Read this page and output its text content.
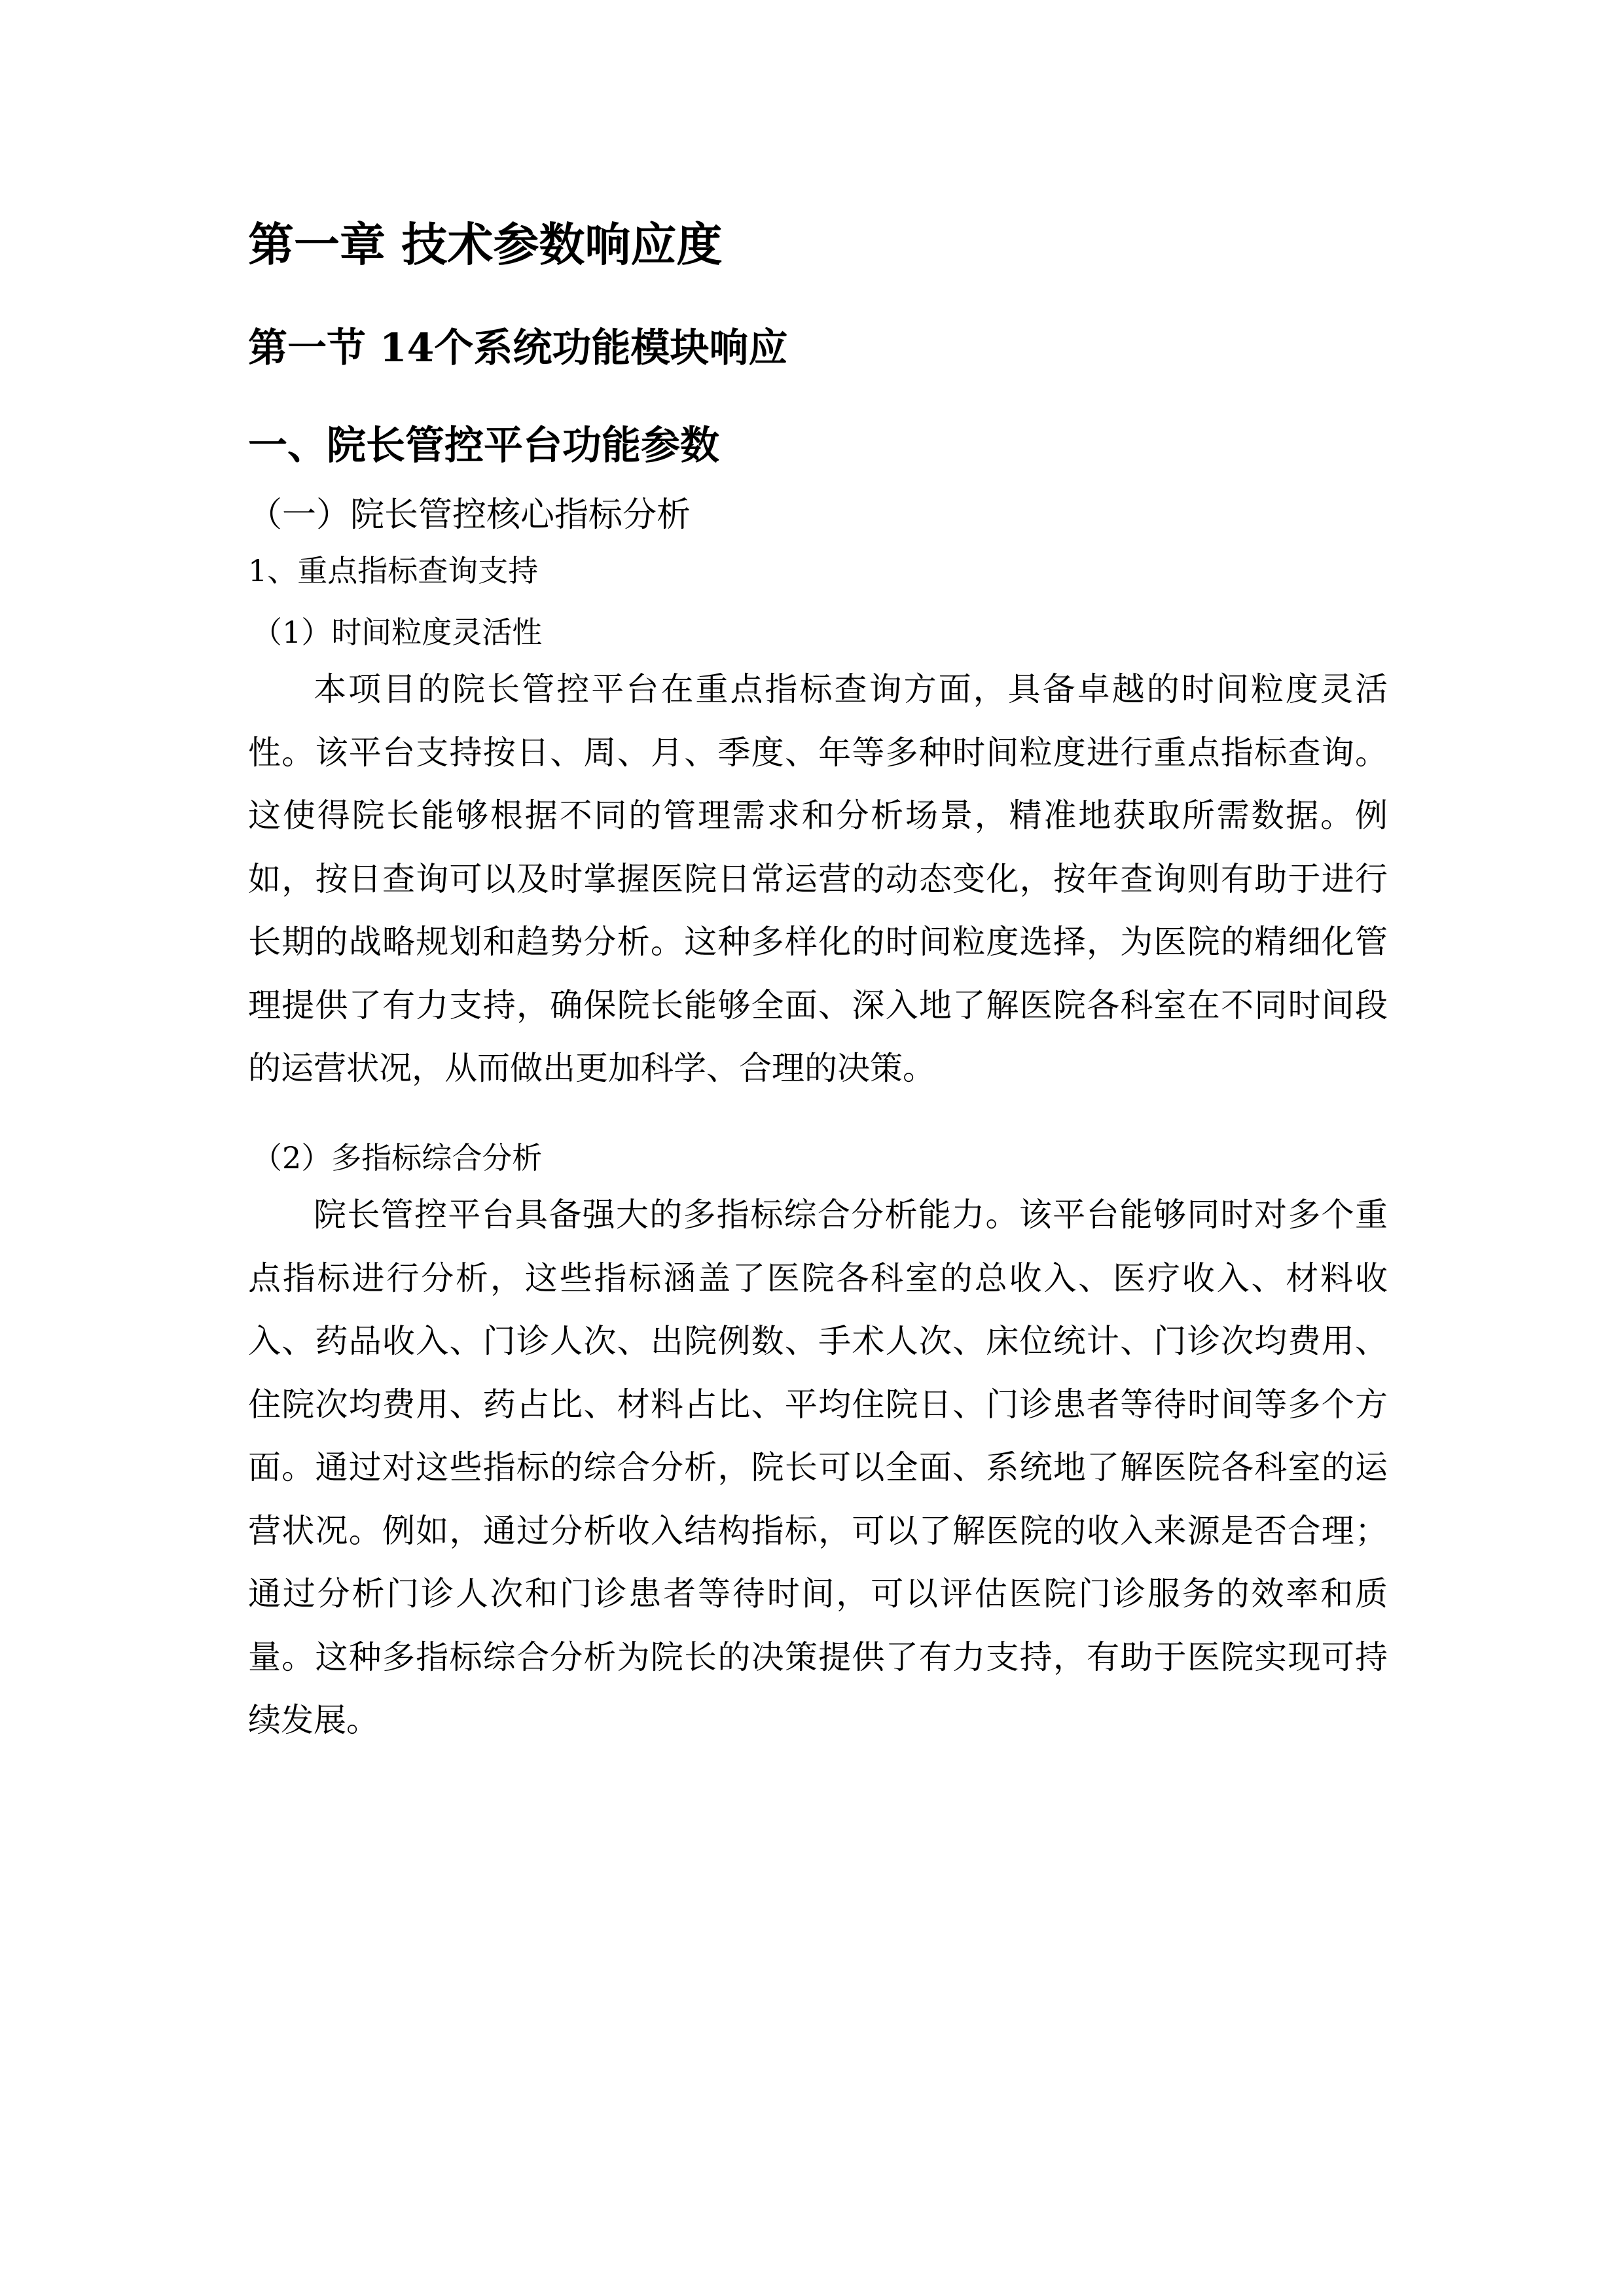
第一章 技术参数响应度
第一节 14个系统功能模块响应
一、院长管控平台功能参数
（一）院长管控核心指标分析
1、重点指标查询支持
（1）时间粒度灵活性
本项目的院长管控平台在重点指标查询方面，具备卓越的时间粒度灵活
性。该平台支持按日、周、月、季度、年等多种时间粒度进行重点指标查询。
这使得院长能够根据不同的管理需求和分析场景，精准地获取所需数据。例
如，按日查询可以及时掌握医院日常运营的动态变化，按年查询则有助于进行
长期的战略规划和趋势分析。这种多样化的时间粒度选择，为医院的精细化管
理提供了有力支持，确保院长能够全面、深入地了解医院各科室在不同时间段
的运营状况，从而做出更加科学、合理的决策。
（2）多指标综合分析
院长管控平台具备强大的多指标综合分析能力。该平台能够同时对多个重
点指标进行分析，这些指标涵盖了医院各科室的总收入、医疗收入、材料收
入、药品收入、门诊人次、出院例数、手术人次、床位统计、门诊次均费用、
住院次均费用、药占比、材料占比、平均住院日、门诊患者等待时间等多个方
面。通过对这些指标的综合分析，院长可以全面、系统地了解医院各科室的运
营状况。例如，通过分析收入结构指标，可以了解医院的收入来源是否合理；
通过分析门诊人次和门诊患者等待时间，可以评估医院门诊服务的效率和质
量。这种多指标综合分析为院长的决策提供了有力支持，有助于医院实现可持
续发展。
